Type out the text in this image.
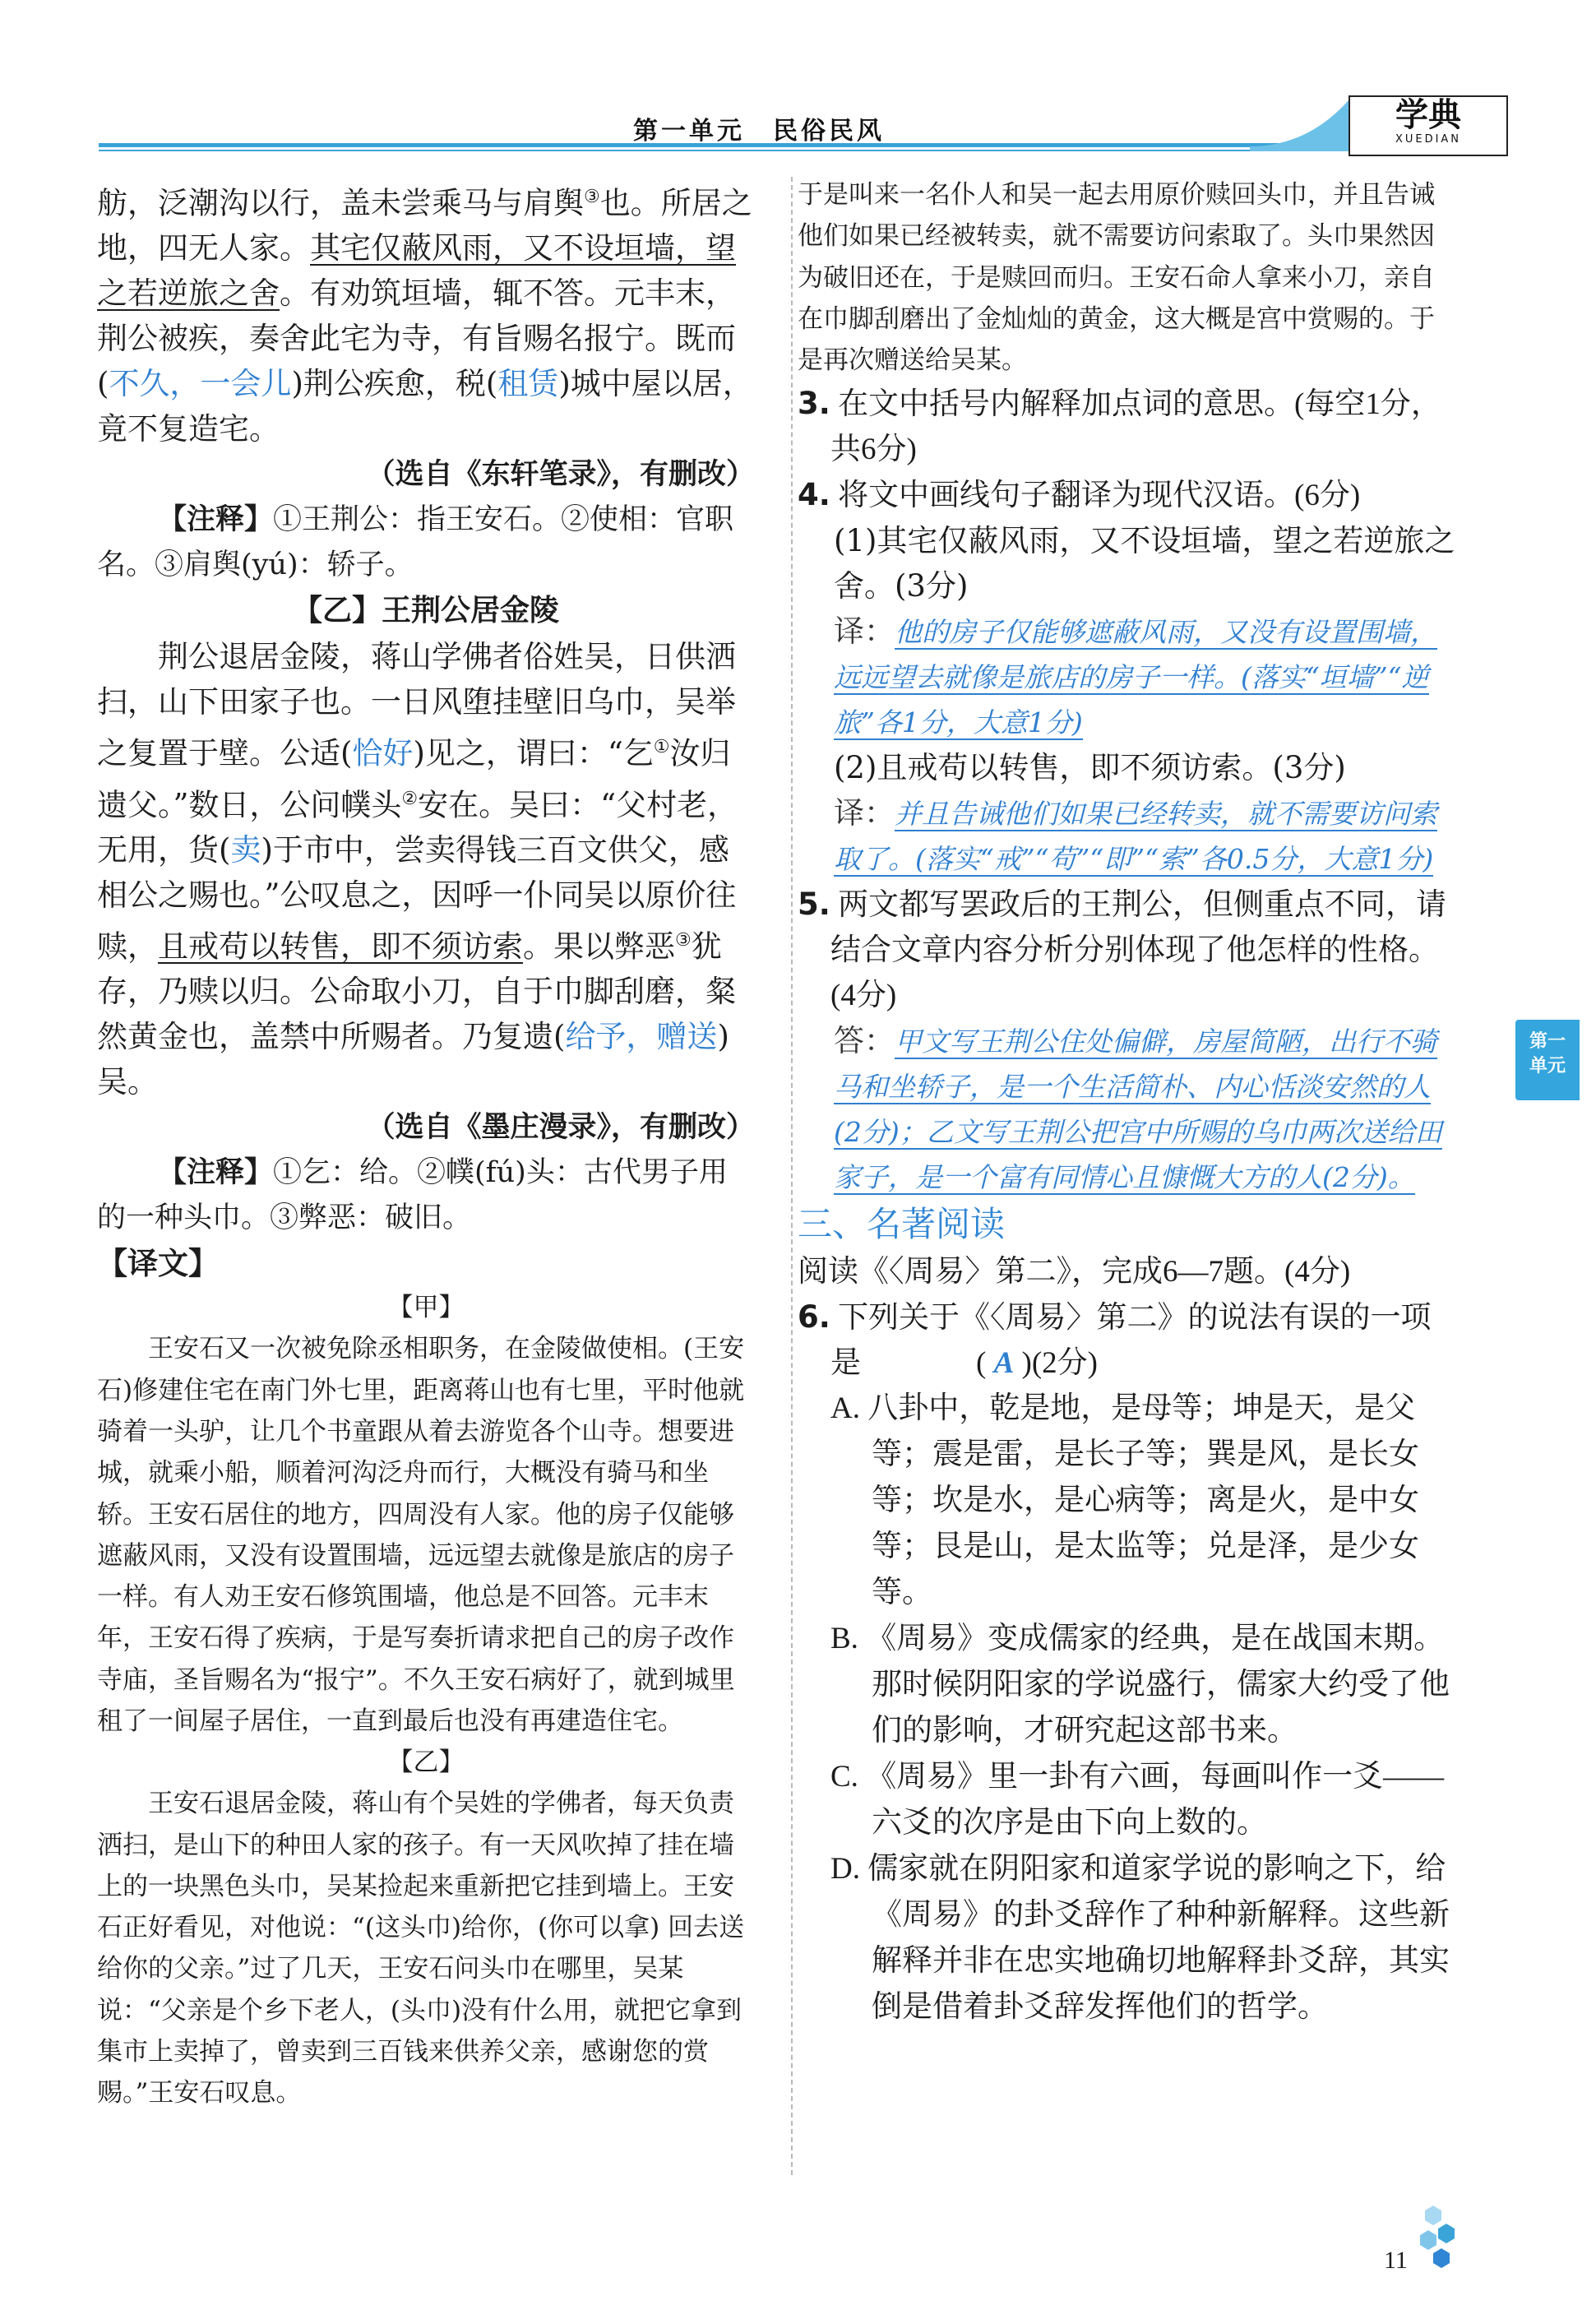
第一单元　民俗民风	学典
XUEDIAN

舫，泛潮沟以行，盖未尝乘马与肩舆③也。所居之地，四无人家。其宅仅蔽风雨，又不设垣墙，望之若逆旅之舍。有劝筑垣墙，辄不答。元丰末，荆公被疾，奏舍此宅为寺，有旨赐名报宁。既而(不久，一会儿)荆公疾愈，税(租赁)城中屋以居，竟不复造宅。

（选自《东轩笔录》，有删改）

【注释】①王荆公：指王安石。②使相：官职名。③肩舆(yú)：轿子。

【乙】王荆公居金陵

荆公退居金陵，蒋山学佛者俗姓吴，日供洒扫，山下田家子也。一日风堕挂壁旧乌巾，吴举之复置于壁。公适(恰好)见之，谓曰：“乞①汝归遗父。”数日，公问幞头②安在。吴曰：“父村老，无用，货(卖)于市中，尝卖得钱三百文供父，感相公之赐也。”公叹息之，因呼一仆同吴以原价往赎，且戒苟以转售，即不须访索。果以弊恶③犹存，乃赎以归。公命取小刀，自于巾脚刮磨，粲然黄金也，盖禁中所赐者。乃复遗(给予，赠送)吴。

（选自《墨庄漫录》，有删改）

【注释】①乞：给。②幞(fú)头：古代男子用的一种头巾。③弊恶：破旧。

【译文】

【甲】

王安石又一次被免除丞相职务，在金陵做使相。(王安石)修建住宅在南门外七里，距离蒋山也有七里，平时他就骑着一头驴，让几个书童跟从着去游览各个山寺。想要进城，就乘小船，顺着河沟泛舟而行，大概没有骑马和坐轿。王安石居住的地方，四周没有人家。他的房子仅能够遮蔽风雨，又没有设置围墙，远远望去就像是旅店的房子一样。有人劝王安石修筑围墙，他总是不回答。元丰末年，王安石得了疾病，于是写奏折请求把自己的房子改作寺庙，圣旨赐名为“报宁”。不久王安石病好了，就到城里租了一间屋子居住，一直到最后也没有再建造住宅。

【乙】

王安石退居金陵，蒋山有个吴姓的学佛者，每天负责洒扫，是山下的种田人家的孩子。有一天风吹掉了挂在墙上的一块黑色头巾，吴某捡起来重新把它挂到墙上。王安石正好看见，对他说：“(这头巾)给你，(你可以拿) 回去送给你的父亲。”过了几天，王安石问头巾在哪里，吴某说：“父亲是个乡下老人，(头巾)没有什么用，就把它拿到集市上卖掉了，曾卖到三百钱来供养父亲，感谢您的赏赐。”王安石叹息。

于是叫来一名仆人和吴一起去用原价赎回头巾，并且告诫他们如果已经被转卖，就不需要访问索取了。头巾果然因为破旧还在，于是赎回而归。王安石命人拿来小刀，亲自在巾脚刮磨出了金灿灿的黄金，这大概是宫中赏赐的。于是再次赠送给吴某。

3. 在文中括号内解释加点词的意思。(每空1分，共6分)

4. 将文中画线句子翻译为现代汉语。(6分)

(1)其宅仅蔽风雨，又不设垣墙，望之若逆旅之舍。(3分)

译：他的房子仅能够遮蔽风雨，又没有设置围墙，远远望去就像是旅店的房子一样。(落实“垣墙”“逆旅”各1分，大意1分)

(2)且戒苟以转售，即不须访索。(3分)

译：并且告诫他们如果已经转卖，就不需要访问索取了。(落实“戒”“苟”“即”“索”各0.5分，大意1分)

5. 两文都写罢政后的王荆公，但侧重点不同，请结合文章内容分析分别体现了他怎样的性格。(4分)

答：甲文写王荆公住处偏僻，房屋简陋，出行不骑马和坐轿子，是一个生活简朴、内心恬淡安然的人(2分)；乙文写王荆公把宫中所赐的乌巾两次送给田家子，是一个富有同情心且慷慨大方的人(2分)。

三、名著阅读

阅读《〈周易〉第二》，完成6—7题。(4分)

6. 下列关于《〈周易〉第二》的说法有误的一项是	( A )(2分)

A. 八卦中，乾是地，是母等；坤是天，是父等；震是雷，是长子等；巽是风，是长女等；坎是水，是心病等；离是火，是中女等；艮是山，是太监等；兑是泽，是少女等。

B. 《周易》变成儒家的经典，是在战国末期。那时候阴阳家的学说盛行，儒家大约受了他们的影响，才研究起这部书来。

C. 《周易》里一卦有六画，每画叫作一爻——六爻的次序是由下向上数的。

D. 儒家就在阴阳家和道家学说的影响之下，给《周易》的卦爻辞作了种种新解释。这些新解释并非在忠实地确切地解释卦爻辞，其实倒是借着卦爻辞发挥他们的哲学。

第一
单元
11
